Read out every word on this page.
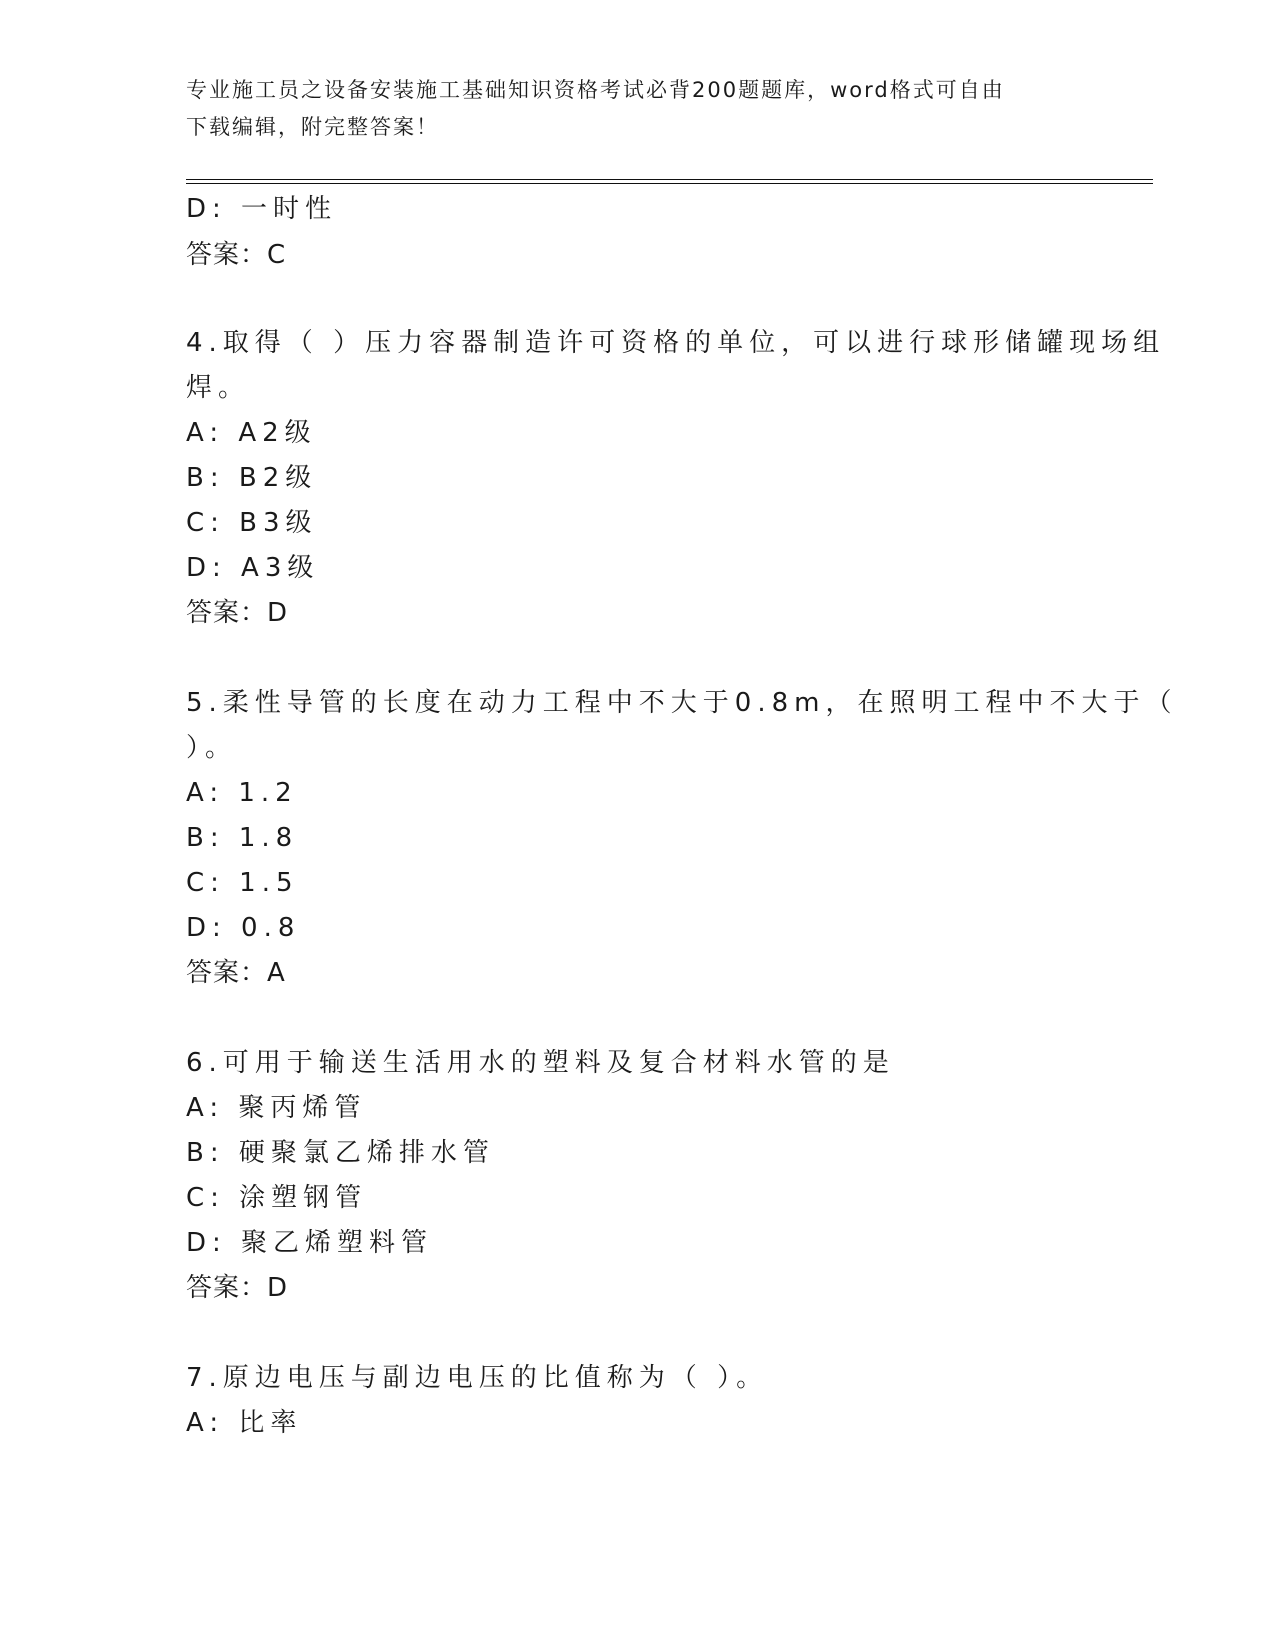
专业施工员之设备安装施工基础知识资格考试必背200题题库，word格式可自由
下载编辑，附完整答案！
D: 一时性
答案：C
4.取得（ ）压力容器制造许可资格的单位，可以进行球形储罐现场组
焊。
A: A2级
B: B2级
C: B3级
D: A3级
答案：D
5.柔性导管的长度在动力工程中不大于0.8m，在照明工程中不大于（
）。
A: 1.2
B: 1.8
C: 1.5
D: 0.8
答案：A
6.可用于输送生活用水的塑料及复合材料水管的是
A: 聚丙烯管
B: 硬聚氯乙烯排水管
C: 涂塑钢管
D: 聚乙烯塑料管
答案：D
7.原边电压与副边电压的比值称为（ ）。
A: 比率
